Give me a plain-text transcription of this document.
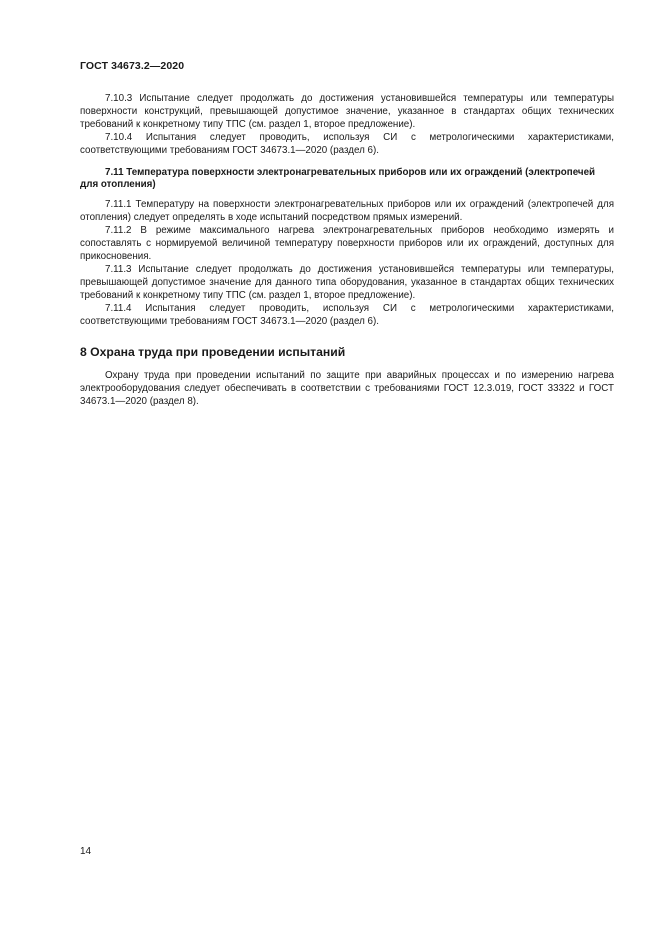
ГОСТ 34673.2—2020

7.10.3 Испытание следует продолжать до достижения установившейся температуры или температуры поверхности конструкций, превышающей допустимое значение, указанное в стандартах общих технических требований к конкретному типу ТПС (см. раздел 1, второе предложение).

7.10.4 Испытания следует проводить, используя СИ с метрологическими характеристиками, соответствующими требованиям ГОСТ 34673.1—2020 (раздел 6).

7.11 Температура поверхности электронагревательных приборов или их ограждений (электропечей для отопления)

7.11.1 Температуру на поверхности электронагревательных приборов или их ограждений (электропечей для отопления) следует определять в ходе испытаний посредством прямых измерений.

7.11.2 В режиме максимального нагрева электронагревательных приборов необходимо измерять и сопоставлять с нормируемой величиной температуру поверхности приборов или их ограждений, доступных для прикосновения.

7.11.3 Испытание следует продолжать до достижения установившейся температуры или температуры, превышающей допустимое значение для данного типа оборудования, указанное в стандартах общих технических требований к конкретному типу ТПС (см. раздел 1, второе предложение).

7.11.4 Испытания следует проводить, используя СИ с метрологическими характеристиками, соответствующими требованиям ГОСТ 34673.1—2020 (раздел 6).

8 Охрана труда при проведении испытаний

Охрану труда при проведении испытаний по защите при аварийных процессах и по измерению нагрева электрооборудования следует обеспечивать в соответствии с требованиями ГОСТ 12.3.019, ГОСТ 33322 и ГОСТ 34673.1—2020 (раздел 8).

14
